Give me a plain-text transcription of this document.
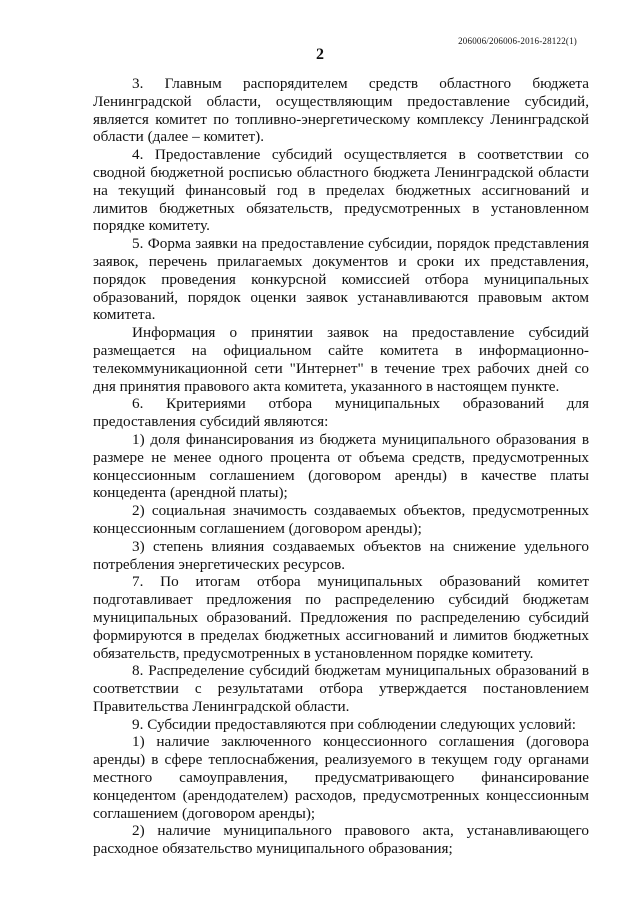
206006/206006-2016-28122(1)
2

3. Главным распорядителем средств областного бюджета Ленинградской области, осуществляющим предоставление субсидий, является комитет по топливно-энергетическому комплексу Ленинградской области (далее – комитет).

4. Предоставление субсидий осуществляется в соответствии со сводной бюджетной росписью областного бюджета Ленинградской области на текущий финансовый год в пределах бюджетных ассигнований и лимитов бюджетных обязательств, предусмотренных в установленном порядке комитету.

5. Форма заявки на предоставление субсидии, порядок представления заявок, перечень прилагаемых документов и сроки их представления, порядок проведения конкурсной комиссией отбора муниципальных образований, порядок оценки заявок устанавливаются правовым актом комитета.

Информация о принятии заявок на предоставление субсидий размещается на официальном сайте комитета в информационно-телекоммуникационной сети "Интернет" в течение трех рабочих дней со дня принятия правового акта комитета, указанного в настоящем пункте.

6. Критериями отбора муниципальных образований для предоставления субсидий являются:

1) доля финансирования из бюджета муниципального образования в размере не менее одного процента от объема средств, предусмотренных концессионным соглашением (договором аренды) в качестве платы концедента (арендной платы);

2) социальная значимость создаваемых объектов, предусмотренных концессионным соглашением (договором аренды);

3) степень влияния создаваемых объектов на снижение удельного потребления энергетических ресурсов.

7. По итогам отбора муниципальных образований комитет подготавливает предложения по распределению субсидий бюджетам муниципальных образований. Предложения по распределению субсидий формируются в пределах бюджетных ассигнований и лимитов бюджетных обязательств, предусмотренных в установленном порядке комитету.

8. Распределение субсидий бюджетам муниципальных образований в соответствии с результатами отбора утверждается постановлением Правительства Ленинградской области.

9. Субсидии предоставляются при соблюдении следующих условий:

1) наличие заключенного концессионного соглашения (договора аренды) в сфере теплоснабжения, реализуемого в текущем году органами местного самоуправления, предусматривающего финансирование концедентом (арендодателем) расходов, предусмотренных концессионным соглашением (договором аренды);

2) наличие муниципального правового акта, устанавливающего расходное обязательство муниципального образования;
